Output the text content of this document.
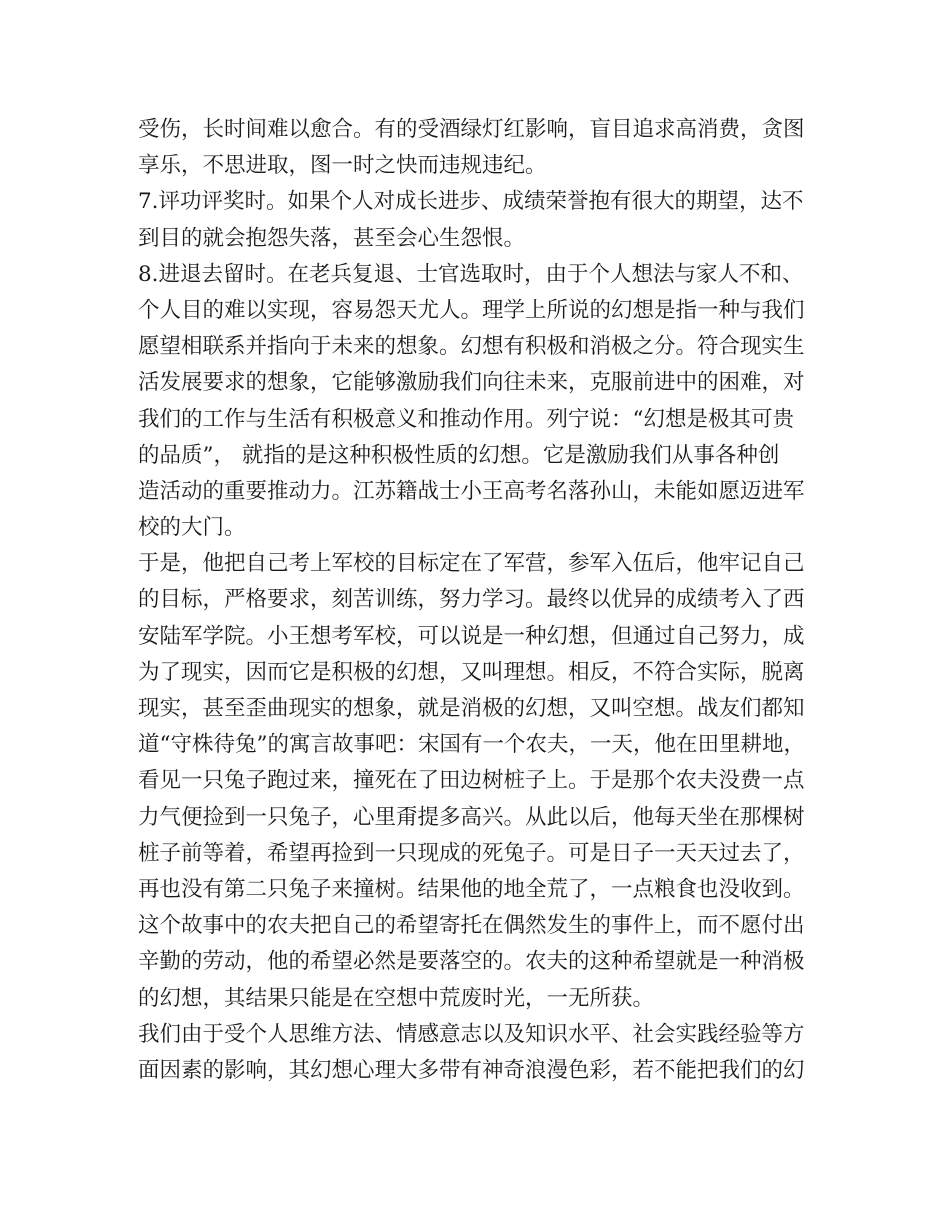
受伤，长时间难以愈合。有的受酒绿灯红影响，盲目追求高消费，贪图
享乐，不思进取，图一时之快而违规违纪。
7.评功评奖时。如果个人对成长进步、成绩荣誉抱有很大的期望，达不
到目的就会抱怨失落，甚至会心生怨恨。
8.进退去留时。在老兵复退、士官选取时，由于个人想法与家人不和、
个人目的难以实现，容易怨天尤人。理学上所说的幻想是指一种与我们
愿望相联系并指向于未来的想象。幻想有积极和消极之分。符合现实生
活发展要求的想象，它能够激励我们向往未来，克服前进中的困难，对
我们的工作与生活有积极意义和推动作用。列宁说：“幻想是极其可贵
的品质”， 就指的是这种积极性质的幻想。它是激励我们从事各种创
造活动的重要推动力。江苏籍战士小王高考名落孙山，未能如愿迈进军
校的大门。
于是，他把自己考上军校的目标定在了军营，参军入伍后，他牢记自己
的目标，严格要求，刻苦训练，努力学习。最终以优异的成绩考入了西
安陆军学院。小王想考军校，可以说是一种幻想，但通过自己努力，成
为了现实，因而它是积极的幻想，又叫理想。相反，不符合实际，脱离
现实，甚至歪曲现实的想象，就是消极的幻想，又叫空想。战友们都知
道“守株待兔”的寓言故事吧：宋国有一个农夫，一天，他在田里耕地，
看见一只兔子跑过来，撞死在了田边树桩子上。于是那个农夫没费一点
力气便捡到一只兔子，心里甭提多高兴。从此以后，他每天坐在那棵树
桩子前等着，希望再捡到一只现成的死兔子。可是日子一天天过去了，
再也没有第二只兔子来撞树。结果他的地全荒了，一点粮食也没收到。
这个故事中的农夫把自己的希望寄托在偶然发生的事件上，而不愿付出
辛勤的劳动，他的希望必然是要落空的。农夫的这种希望就是一种消极
的幻想，其结果只能是在空想中荒废时光，一无所获。
我们由于受个人思维方法、情感意志以及知识水平、社会实践经验等方
面因素的影响，其幻想心理大多带有神奇浪漫色彩，若不能把我们的幻
